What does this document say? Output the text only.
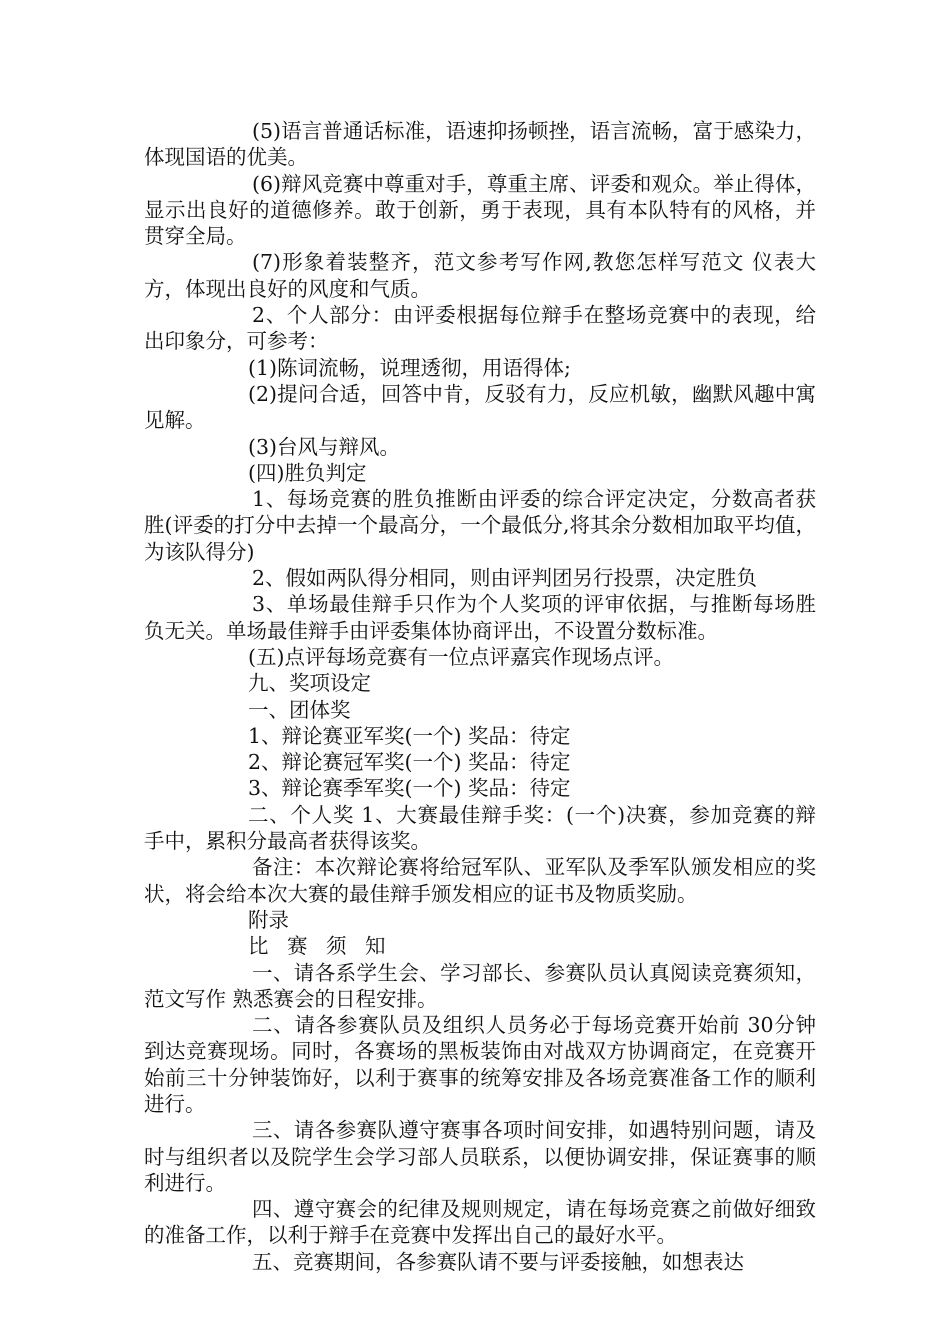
(5)语言普通话标准，语速抑扬顿挫，语言流畅，富于感染力，体现国语的优美。

(6)辩风竞赛中尊重对手，尊重主席、评委和观众。举止得体，显示出良好的道德修养。敢于创新，勇于表现，具有本队特有的风格，并贯穿全局。

(7)形象着装整齐，范文参考写作网,教您怎样写范文 仪表大方，体现出良好的风度和气质。

2、个人部分：由评委根据每位辩手在整场竞赛中的表现，给出印象分，可参考：

(1)陈词流畅，说理透彻，用语得体;

(2)提问合适，回答中肯，反驳有力，反应机敏，幽默风趣中寓见解。

(3)台风与辩风。

(四)胜负判定

1、每场竞赛的胜负推断由评委的综合评定决定，分数高者获胜(评委的打分中去掉一个最高分，一个最低分,将其余分数相加取平均值，为该队得分)

2、假如两队得分相同，则由评判团另行投票，决定胜负

3、单场最佳辩手只作为个人奖项的评审依据，与推断每场胜负无关。单场最佳辩手由评委集体协商评出，不设置分数标准。

(五)点评每场竞赛有一位点评嘉宾作现场点评。

九、奖项设定

一、团体奖

1、辩论赛亚军奖(一个) 奖品：待定

2、辩论赛冠军奖(一个) 奖品：待定

3、辩论赛季军奖(一个) 奖品：待定

二、个人奖 1、大赛最佳辩手奖：(一个)决赛，参加竞赛的辩手中，累积分最高者获得该奖。

备注：本次辩论赛将给冠军队、亚军队及季军队颁发相应的奖状，将会给本次大赛的最佳辩手颁发相应的证书及物质奖励。

附录

比 赛 须 知

一、请各系学生会、学习部长、参赛队员认真阅读竞赛须知，范文写作 熟悉赛会的日程安排。

二、请各参赛队员及组织人员务必于每场竞赛开始前 30分钟到达竞赛现场。同时，各赛场的黑板装饰由对战双方协调商定，在竞赛开始前三十分钟装饰好，以利于赛事的统筹安排及各场竞赛准备工作的顺利进行。

三、请各参赛队遵守赛事各项时间安排，如遇特别问题，请及时与组织者以及院学生会学习部人员联系，以便协调安排，保证赛事的顺利进行。

四、遵守赛会的纪律及规则规定，请在每场竞赛之前做好细致的准备工作，以利于辩手在竞赛中发挥出自己的最好水平。

五、竞赛期间，各参赛队请不要与评委接触，如想表达
